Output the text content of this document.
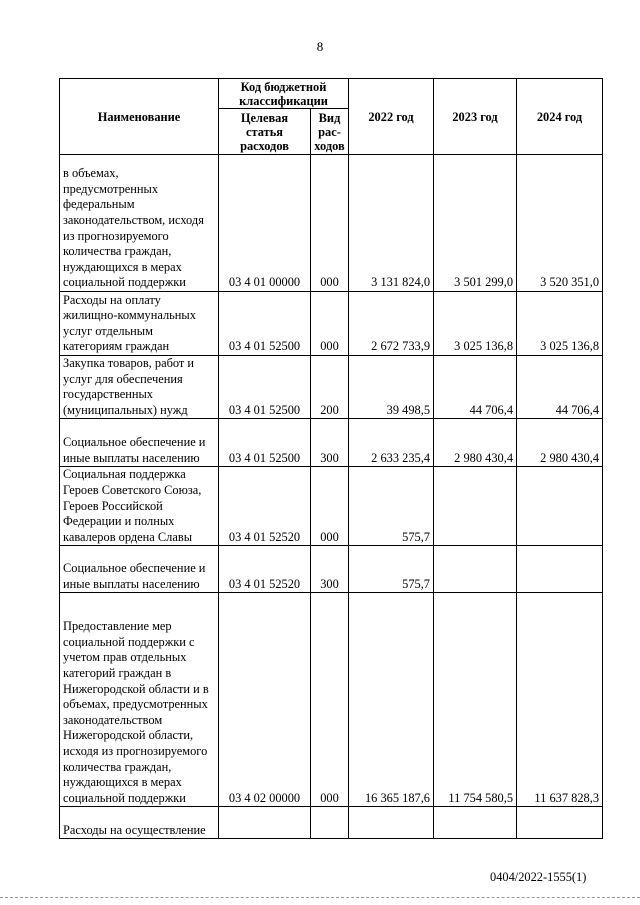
8
Наименование	Код бюджетной классификации		2022 год	2023 год	2024 год
	Целевая статья расходов	Вид рас-ходов			
в объемах, предусмотренных федеральным законодательством, исходя из прогнозируемого количества граждан, нуждающихся в мерах социальной поддержки	03 4 01 00000	000	3 131 824,0	3 501 299,0	3 520 351,0
Расходы на оплату жилищно-коммунальных услуг отдельным категориям граждан	03 4 01 52500	000	2 672 733,9	3 025 136,8	3 025 136,8
Закупка товаров, работ и услуг для обеспечения государственных (муниципальных) нужд	03 4 01 52500	200	39 498,5	44 706,4	44 706,4
Социальное обеспечение и иные выплаты населению	03 4 01 52500	300	2 633 235,4	2 980 430,4	2 980 430,4
Социальная поддержка Героев Советского Союза, Героев Российской Федерации и полных кавалеров ордена Славы	03 4 01 52520	000	575,7		
Социальное обеспечение и иные выплаты населению	03 4 01 52520	300	575,7		
Предоставление мер социальной поддержки с учетом прав отдельных категорий граждан в Нижегородской области и в объемах, предусмотренных законодательством Нижегородской области, исходя из прогнозируемого количества граждан, нуждающихся в мерах социальной поддержки	03 4 02 00000	000	16 365 187,6	11 754 580,5	11 637 828,3
Расходы на осуществление					
0404/2022-1555(1)
